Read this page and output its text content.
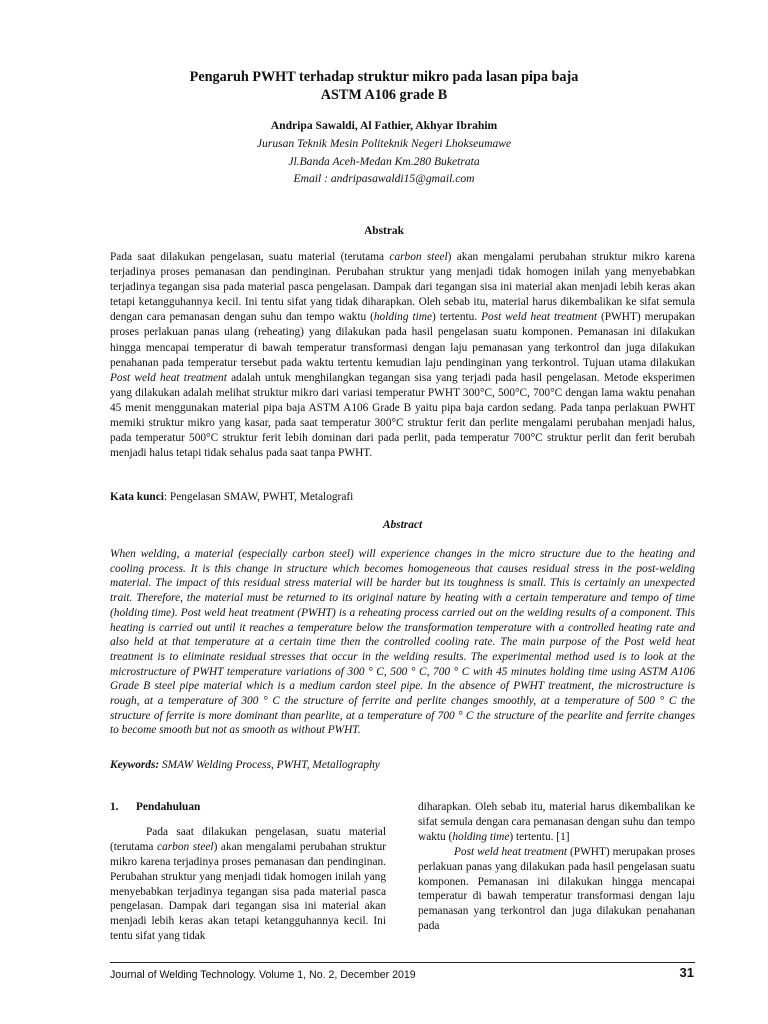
Pengaruh PWHT terhadap struktur mikro pada lasan pipa baja
ASTM A106 grade B
Andripa Sawaldi, Al Fathier, Akhyar Ibrahim
Jurusan Teknik Mesin Politeknik Negeri Lhokseumawe
Jl.Banda Aceh-Medan Km.280 Buketrata
Email : andripasawaldi15@gmail.com
Abstrak

Pada saat dilakukan pengelasan, suatu material (terutama carbon steel) akan mengalami perubahan struktur mikro karena terjadinya proses pemanasan dan pendinginan. Perubahan struktur yang menjadi tidak homogen inilah yang menyebabkan terjadinya tegangan sisa pada material pasca pengelasan. Dampak dari tegangan sisa ini material akan menjadi lebih keras akan tetapi ketangguhannya kecil. Ini tentu sifat yang tidak diharapkan. Oleh sebab itu, material harus dikembalikan ke sifat semula dengan cara pemanasan dengan suhu dan tempo waktu (holding time) tertentu. Post weld heat treatment (PWHT) merupakan proses perlakuan panas ulang (reheating) yang dilakukan pada hasil pengelasan suatu komponen. Pemanasan ini dilakukan hingga mencapai temperatur di bawah temperatur transformasi dengan laju pemanasan yang terkontrol dan juga dilakukan penahanan pada temperatur tersebut pada waktu tertentu kemudian laju pendinginan yang terkontrol. Tujuan utama dilakukan Post weld heat treatment adalah untuk menghilangkan tegangan sisa yang terjadi pada hasil pengelasan. Metode eksperimen yang dilakukan adalah melihat struktur mikro dari variasi temperatur PWHT 300°C, 500°C, 700°C dengan lama waktu penahan 45 menit menggunakan material pipa baja ASTM A106 Grade B yaitu pipa baja cardon sedang. Pada tanpa perlakuan PWHT memiki struktur mikro yang kasar, pada saat temperatur 300°C struktur ferit dan perlite mengalami perubahan menjadi halus, pada temperatur 500°C struktur ferit lebih dominan dari pada perlit, pada temperatur 700°C struktur perlit dan ferit berubah menjadi halus tetapi tidak sehalus pada saat tanpa PWHT.

Kata kunci: Pengelasan SMAW, PWHT, Metalografi
Abstract

When welding, a material (especially carbon steel) will experience changes in the micro structure due to the heating and cooling process. It is this change in structure which becomes homogeneous that causes residual stress in the post-welding material. The impact of this residual stress material will be harder but its toughness is small. This is certainly an unexpected trait. Therefore, the material must be returned to its original nature by heating with a certain temperature and tempo of time (holding time). Post weld heat treatment (PWHT) is a reheating process carried out on the welding results of a component. This heating is carried out until it reaches a temperature below the transformation temperature with a controlled heating rate and also held at that temperature at a certain time then the controlled cooling rate. The main purpose of the Post weld heat treatment is to eliminate residual stresses that occur in the welding results. The experimental method used is to look at the microstructure of PWHT temperature variations of 300 ° C, 500 ° C, 700 ° C with 45 minutes holding time using ASTM A106 Grade B steel pipe material which is a medium cardon steel pipe. In the absence of PWHT treatment, the microstructure is rough, at a temperature of 300 ° C the structure of ferrite and perlite changes smoothly, at a temperature of 500 ° C the structure of ferrite is more dominant than pearlite, at a temperature of 700 ° C the structure of the pearlite and ferrite changes to become smooth but not as smooth as without PWHT.

Keywords: SMAW Welding Process, PWHT, Metallography
1. Pendahuluan

Pada saat dilakukan pengelasan, suatu material (terutama carbon steel) akan mengalami perubahan struktur mikro karena terjadinya proses pemanasan dan pendinginan. Perubahan struktur yang menjadi tidak homogen inilah yang menyebabkan terjadinya tegangan sisa pada material pasca pengelasan. Dampak dari tegangan sisa ini material akan menjadi lebih keras akan tetapi ketangguhannya kecil. Ini tentu sifat yang tidak

diharapkan. Oleh sebab itu, material harus dikembalikan ke sifat semula dengan cara pemanasan dengan suhu dan tempo waktu (holding time) tertentu. [1]

Post weld heat treatment (PWHT) merupakan proses perlakuan panas yang dilakukan pada hasil pengelasan suatu komponen. Pemanasan ini dilakukan hingga mencapai temperatur di bawah temperatur transformasi dengan laju pemanasan yang terkontrol dan juga dilakukan penahanan pada

Journal of Welding Technology. Volume 1, No. 2, December 2019	31
